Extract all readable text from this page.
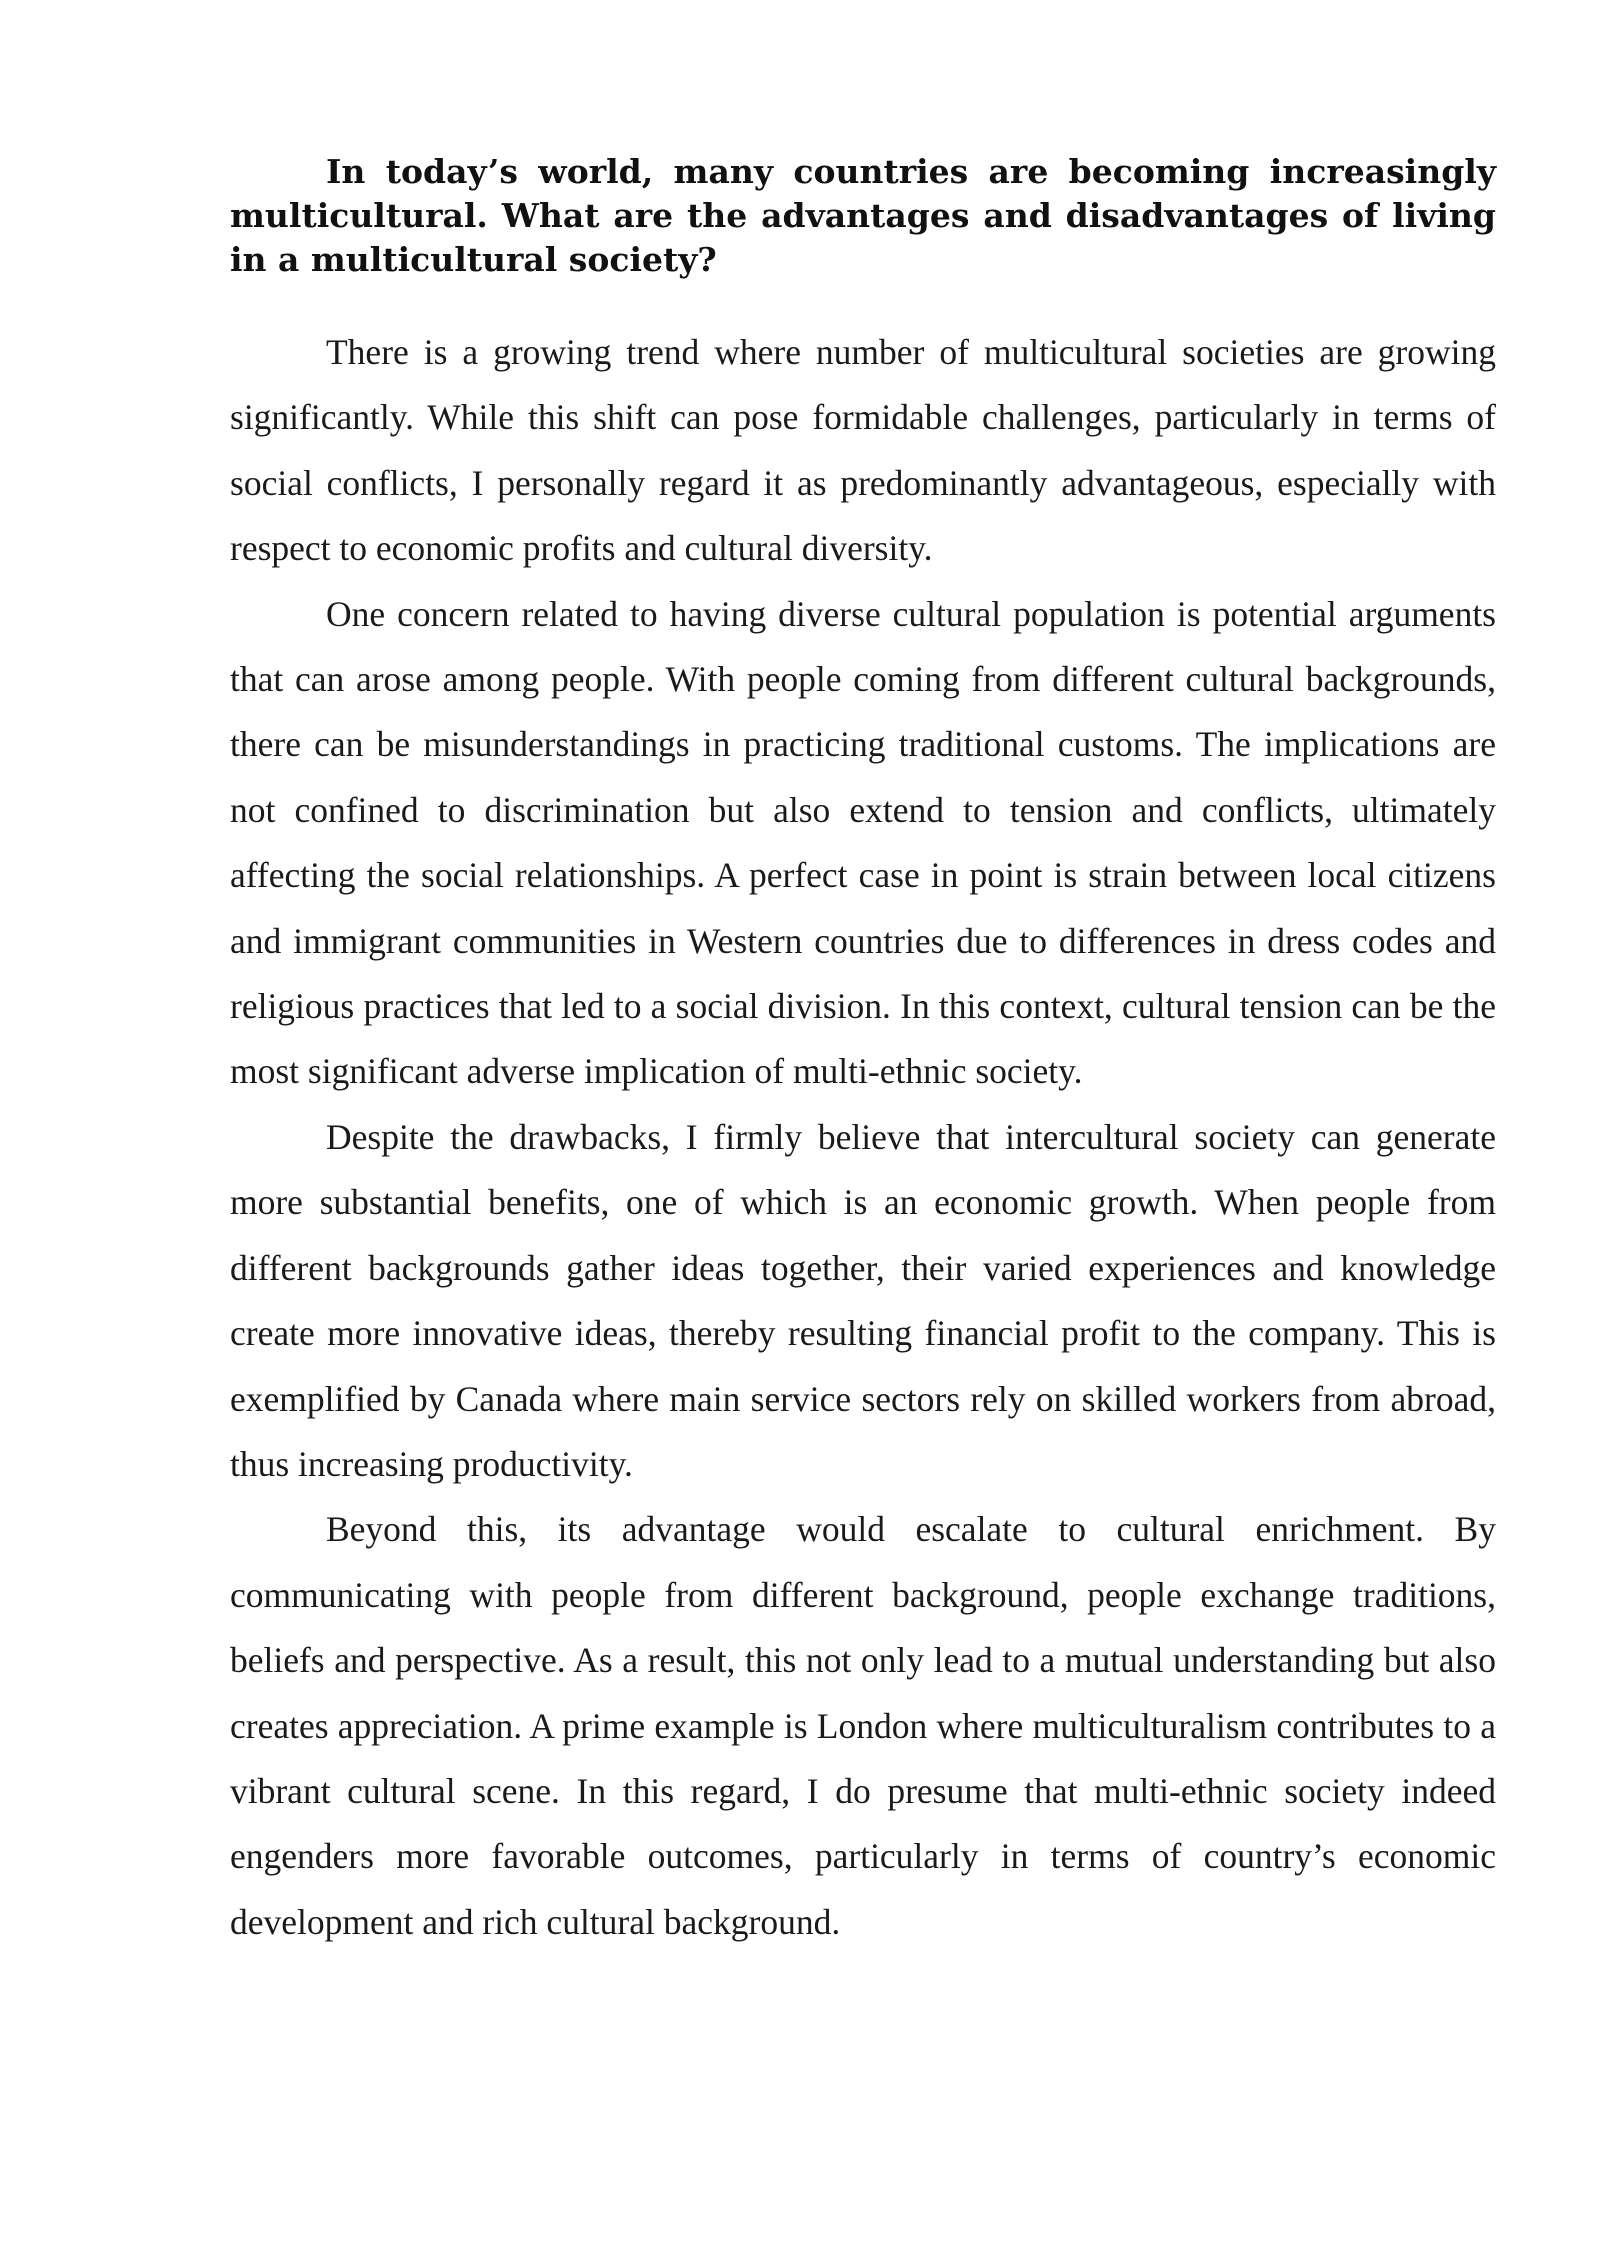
In today’s world, many countries are becoming increasingly multicultural. What are the advantages and disadvantages of living in a multicultural society?

There is a growing trend where number of multicultural societies are growing significantly. While this shift can pose formidable challenges, particularly in terms of social conflicts, I personally regard it as predominantly advantageous, especially with respect to economic profits and cultural diversity.

One concern related to having diverse cultural population is potential arguments that can arose among people. With people coming from different cultural backgrounds, there can be misunderstandings in practicing traditional customs. The implications are not confined to discrimination but also extend to tension and conflicts, ultimately affecting the social relationships. A perfect case in point is strain between local citizens and immigrant communities in Western countries due to differences in dress codes and religious practices that led to a social division. In this context, cultural tension can be the most significant adverse implication of multi-ethnic society.

Despite the drawbacks, I firmly believe that intercultural society can generate more substantial benefits, one of which is an economic growth. When people from different backgrounds gather ideas together, their varied experiences and knowledge create more innovative ideas, thereby resulting financial profit to the company. This is exemplified by Canada where main service sectors rely on skilled workers from abroad, thus increasing productivity.

Beyond this, its advantage would escalate to cultural enrichment. By communicating with people from different background, people exchange traditions, beliefs and perspective. As a result, this not only lead to a mutual understanding but also creates appreciation. A prime example is London where multiculturalism contributes to a vibrant cultural scene. In this regard, I do presume that multi-ethnic society indeed engenders more favorable outcomes, particularly in terms of country’s economic development and rich cultural background.
